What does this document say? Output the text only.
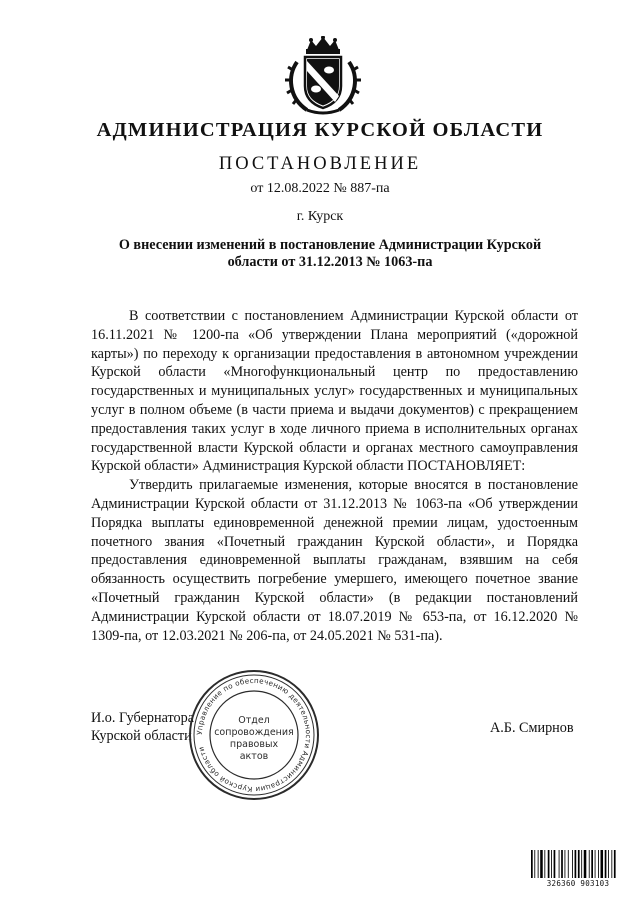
АДМИНИСТРАЦИЯ КУРСКОЙ ОБЛАСТИ
ПОСТАНОВЛЕНИЕ
от 12.08.2022 № 887-па
г. Курск
О внесении изменений в постановление Администрации Курской области от 31.12.2013 № 1063-па

В соответствии с постановлением Администрации Курской области от 16.11.2021 № 1200-па «Об утверждении Плана мероприятий («дорожной карты») по переходу к организации предоставления в автономном учреждении Курской области «Многофункциональный центр по предоставлению государственных и муниципальных услуг» государственных и муниципальных услуг в полном объеме (в части приема и выдачи документов) с прекращением предоставления таких услуг в ходе личного приема в исполнительных органах государственной власти Курской области и органах местного самоуправления Курской области» Администрация Курской области ПОСТАНОВЛЯЕТ:

Утвердить прилагаемые изменения, которые вносятся в постановление Администрации Курской области от 31.12.2013 № 1063-па «Об утверждении Порядка выплаты единовременной денежной премии лицам, удостоенным почетного звания «Почетный гражданин Курской области», и Порядка предоставления единовременной выплаты гражданам, взявшим на себя обязанность осуществить погребение умершего, имеющего почетное звание «Почетный гражданин Курской области» (в редакции постановлений Администрации Курской области от 18.07.2019 № 653-па, от 16.12.2020 № 1309-па, от 12.03.2021 № 206-па, от 24.05.2021 № 531-па).

И.о. Губернатора
Курской области	А.Б. Смирнов
Управление по обеспечению деятельности Администрации Курской области
Отдел
сопровождения
правовых
актов
326360 903103
